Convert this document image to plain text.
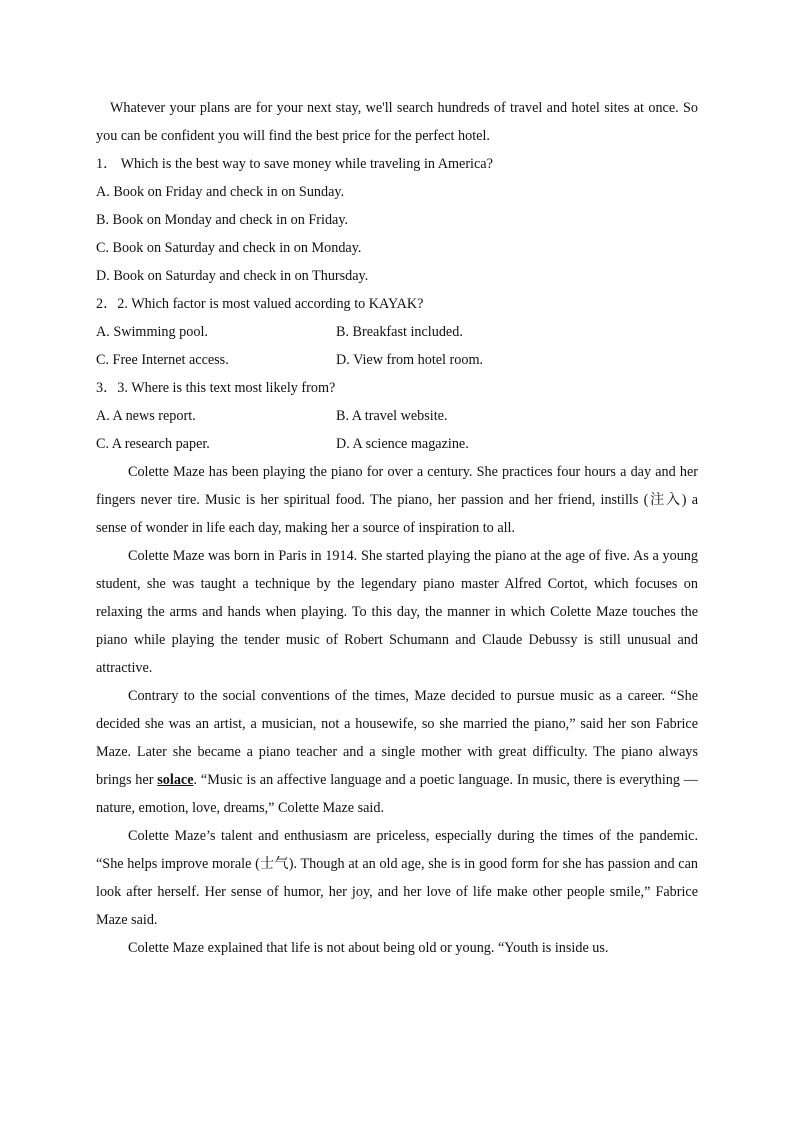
Whatever your plans are for your next stay, we'll search hundreds of travel and hotel sites at once. So you can be confident you will find the best price for the perfect hotel.

1． Which is the best way to save money while traveling in America?
A. Book on Friday and check in on Sunday.
B. Book on Monday and check in on Friday.
C. Book on Saturday and check in on Monday.
D. Book on Saturday and check in on Thursday.
2．2. Which factor is most valued according to KAYAK?
A. Swimming pool.	B. Breakfast included.
C. Free Internet access.	D. View from hotel room.
3．3. Where is this text most likely from?
A. A news report.	B. A travel website.
C. A research paper.	D. A science magazine.

Colette Maze has been playing the piano for over a century. She practices four hours a day and her fingers never tire. Music is her spiritual food. The piano, her passion and her friend, instills (注入) a sense of wonder in life each day, making her a source of inspiration to all.

Colette Maze was born in Paris in 1914. She started playing the piano at the age of five. As a young student, she was taught a technique by the legendary piano master Alfred Cortot, which focuses on relaxing the arms and hands when playing. To this day, the manner in which Colette Maze touches the piano while playing the tender music of Robert Schumann and Claude Debussy is still unusual and attractive.

Contrary to the social conventions of the times, Maze decided to pursue music as a career. “She decided she was an artist, a musician, not a housewife, so she married the piano,” said her son Fabrice Maze. Later she became a piano teacher and a single mother with great difficulty. The piano always brings her solace. “Music is an affective language and a poetic language. In music, there is everything —nature, emotion, love, dreams,” Colette Maze said.

Colette Maze’s talent and enthusiasm are priceless, especially during the times of the pandemic. “She helps improve morale (士气). Though at an old age, she is in good form for she has passion and can look after herself. Her sense of humor, her joy, and her love of life make other people smile,” Fabrice Maze said.

Colette Maze explained that life is not about being old or young. “Youth is inside us.
